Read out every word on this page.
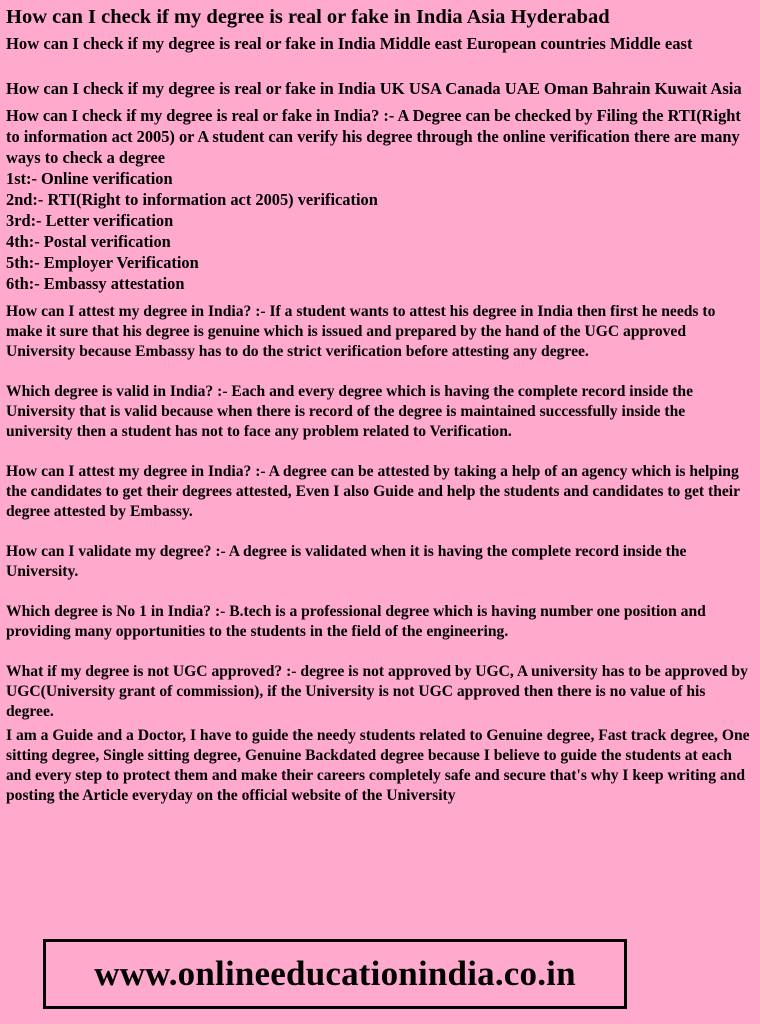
How can I check if my degree is real or fake in India Asia Hyderabad
How can I check if my degree is real or fake in India Middle east European countries Middle east
How can I check if my degree is real or fake in India UK USA Canada UAE Oman Bahrain Kuwait Asia
How can I check if my degree is real or fake in India? :- A Degree can be checked by Filing the RTI(Right to information act 2005) or A student can verify his degree through the online verification there are many ways to check a degree
1st:- Online verification
2nd:- RTI(Right to information act 2005) verification
3rd:- Letter verification
4th:- Postal verification
5th:- Employer Verification
6th:- Embassy attestation
How can I attest my degree in India? :- If a student wants to attest his degree in India then first he needs to make it sure that his degree is genuine which is issued and prepared by the hand of the UGC approved University because Embassy has to do the strict verification before attesting any degree.
Which degree is valid in India? :- Each and every degree which is having the complete record inside the University that is valid because when there is record of the degree is maintained successfully inside the university then a student has not to face any problem related to Verification.
How can I attest my degree in India? :- A degree can be attested by taking a help of an agency which is helping the candidates to get their degrees attested, Even I also Guide and help the students and candidates to get their degree attested by Embassy.
How can I validate my degree? :- A degree is validated when it is having the complete record inside the University.
Which degree is No 1 in India? :- B.tech is a professional degree which is having number one position and providing many opportunities to the students in the field of the engineering.
What if my degree is not UGC approved? :- degree is not approved by UGC, A university has to be approved by UGC(University grant of commission), if the University is not UGC approved then there is no value of his degree.
I am a Guide and a Doctor, I have to guide the needy students related to Genuine degree, Fast track degree, One sitting degree, Single sitting degree, Genuine Backdated degree because I believe to guide the students at each and every step to protect them and make their careers completely safe and secure that's why I keep writing and posting the Article everyday on the official website of the University
www.onlineeducationindia.co.in
